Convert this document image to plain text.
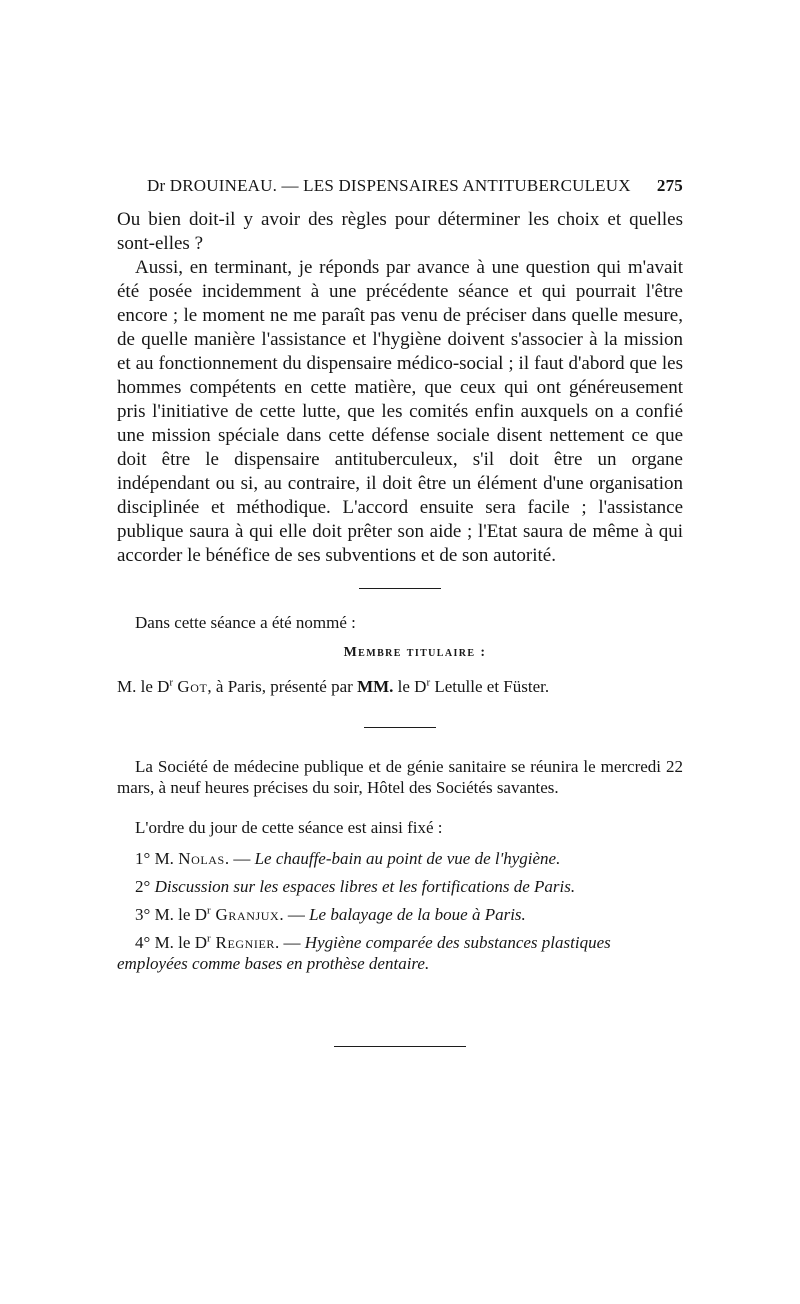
Dr DROUINEAU. — LES DISPENSAIRES ANTITUBERCULEUX 275

Ou bien doit-il y avoir des règles pour déterminer les choix et quelles sont-elles ?

Aussi, en terminant, je réponds par avance à une question qui m'avait été posée incidemment à une précédente séance et qui pourrait l'être encore ; le moment ne me paraît pas venu de préciser dans quelle mesure, de quelle manière l'assistance et l'hygiène doivent s'associer à la mission et au fonctionnement du dispensaire médico-social ; il faut d'abord que les hommes compétents en cette matière, que ceux qui ont généreusement pris l'initiative de cette lutte, que les comités enfin auxquels on a confié une mission spéciale dans cette défense sociale disent nettement ce que doit être le dispensaire antituberculeux, s'il doit être un organe indépendant ou si, au contraire, il doit être un élément d'une organisation disciplinée et méthodique. L'accord ensuite sera facile ; l'assistance publique saura à qui elle doit prêter son aide ; l'Etat saura de même à qui accorder le bénéfice de ses subventions et de son autorité.

Dans cette séance a été nommé :

Membre titulaire :

M. le $D^r$ Got, à Paris, présenté par MM. le $D^r$ Letulle et Füster.

La Société de médecine publique et de génie sanitaire se réunira le mercredi 22 mars, à neuf heures précises du soir, Hôtel des Sociétés savantes.

L'ordre du jour de cette séance est ainsi fixé :

1° M. Nolas. — Le chauffe-bain au point de vue de l'hygiène.
2° Discussion sur les espaces libres et les fortifications de Paris.
3° M. le $D^r$ Granjux. — Le balayage de la boue à Paris.
4° M. le $D^r$ Regnier. — Hygiène comparée des substances plastiques employées comme bases en prothèse dentaire.
